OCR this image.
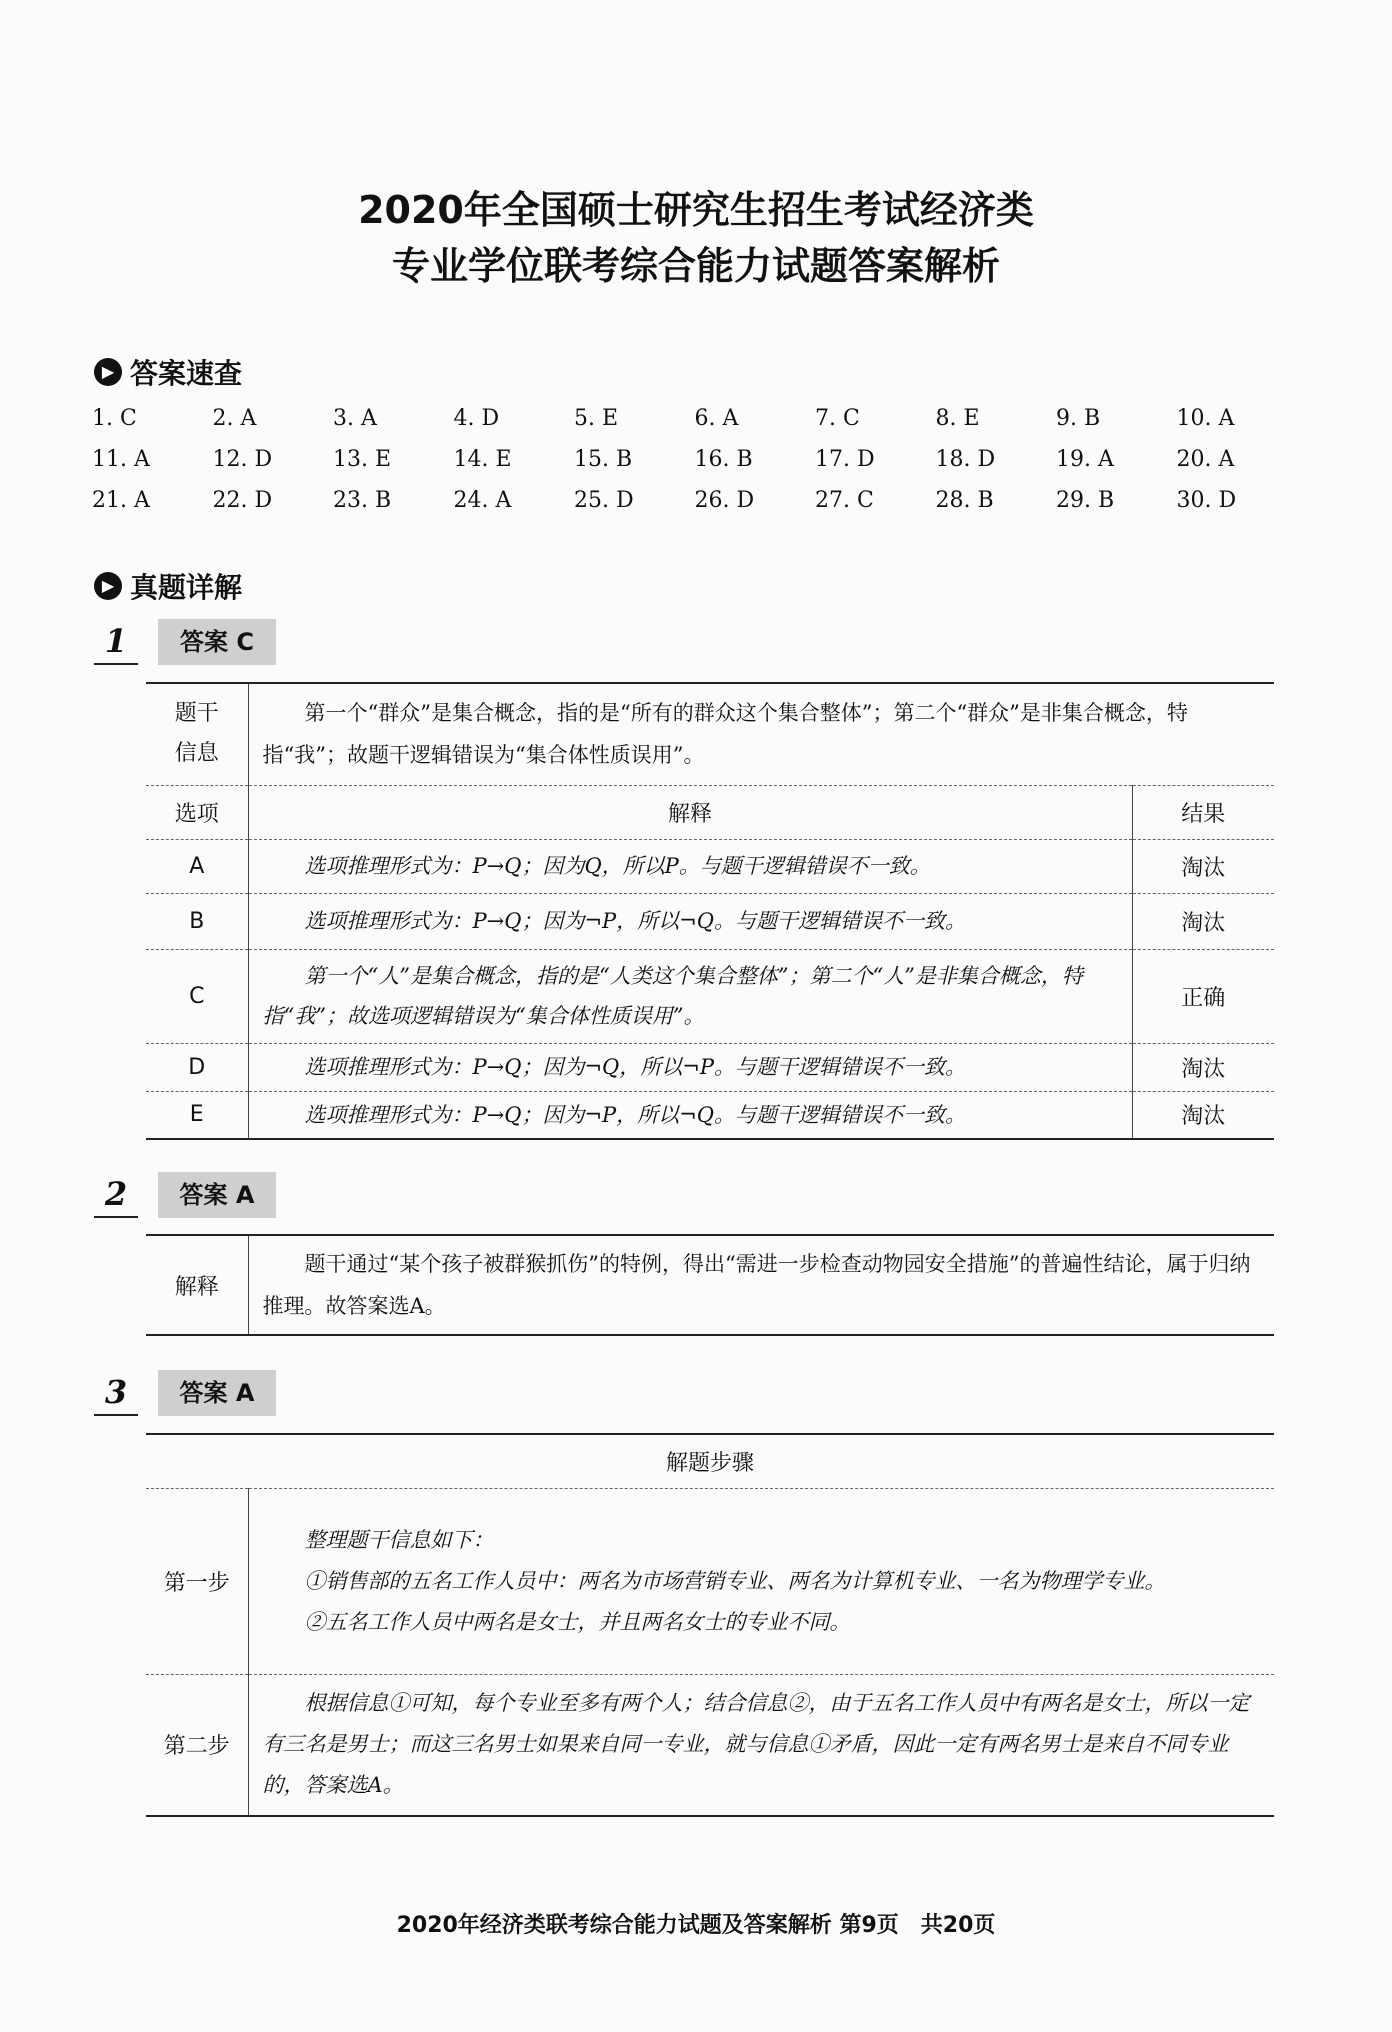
2020年全国硕士研究生招生考试经济类
专业学位联考综合能力试题答案解析
▶ 答案速查
1. C	2. A	3. A	4. D	5. E	6. A	7. C	8. E	9. B	10. A
11. A	12. D	13. E	14. E	15. B	16. B	17. D	18. D	19. A	20. A
21. A	22. D	23. B	24. A	25. D	26. D	27. C	28. B	29. B	30. D
▶ 真题详解
1	答案 C
题干
信息	第一个“群众”是集合概念，指的是“所有的群众这个集合整体”；第二个“群众”是非集合概念，特指“我”；故题干逻辑错误为“集合体性质误用”。	
选项	解释	结果
A	选项推理形式为：P→Q；因为Q，所以P。与题干逻辑错误不一致。	淘汰
B	选项推理形式为：P→Q；因为¬P，所以¬Q。与题干逻辑错误不一致。	淘汰
C	第一个“人”是集合概念，指的是“人类这个集合整体”；第二个“人”是非集合概念，特指“我”；故选项逻辑错误为“集合体性质误用”。	正确
D	选项推理形式为：P→Q；因为¬Q，所以¬P。与题干逻辑错误不一致。	淘汰
E	选项推理形式为：P→Q；因为¬P，所以¬Q。与题干逻辑错误不一致。	淘汰
2	答案 A
解释	题干通过“某个孩子被群猴抓伤”的特例，得出“需进一步检查动物园安全措施”的普遍性结论，属于归纳推理。故答案选A。
3	答案 A
解题步骤	
第一步	整理题干信息如下：
①销售部的五名工作人员中：两名为市场营销专业、两名为计算机专业、一名为物理学专业。
②五名工作人员中两名是女士，并且两名女士的专业不同。

第二步	根据信息①可知，每个专业至多有两个人；结合信息②，由于五名工作人员中有两名是女士，所以一定有三名是男士；而这三名男士如果来自同一专业，就与信息①矛盾，因此一定有两名男士是来自不同专业的，答案选A。
2020年经济类联考综合能力试题及答案解析 第9页　共20页
